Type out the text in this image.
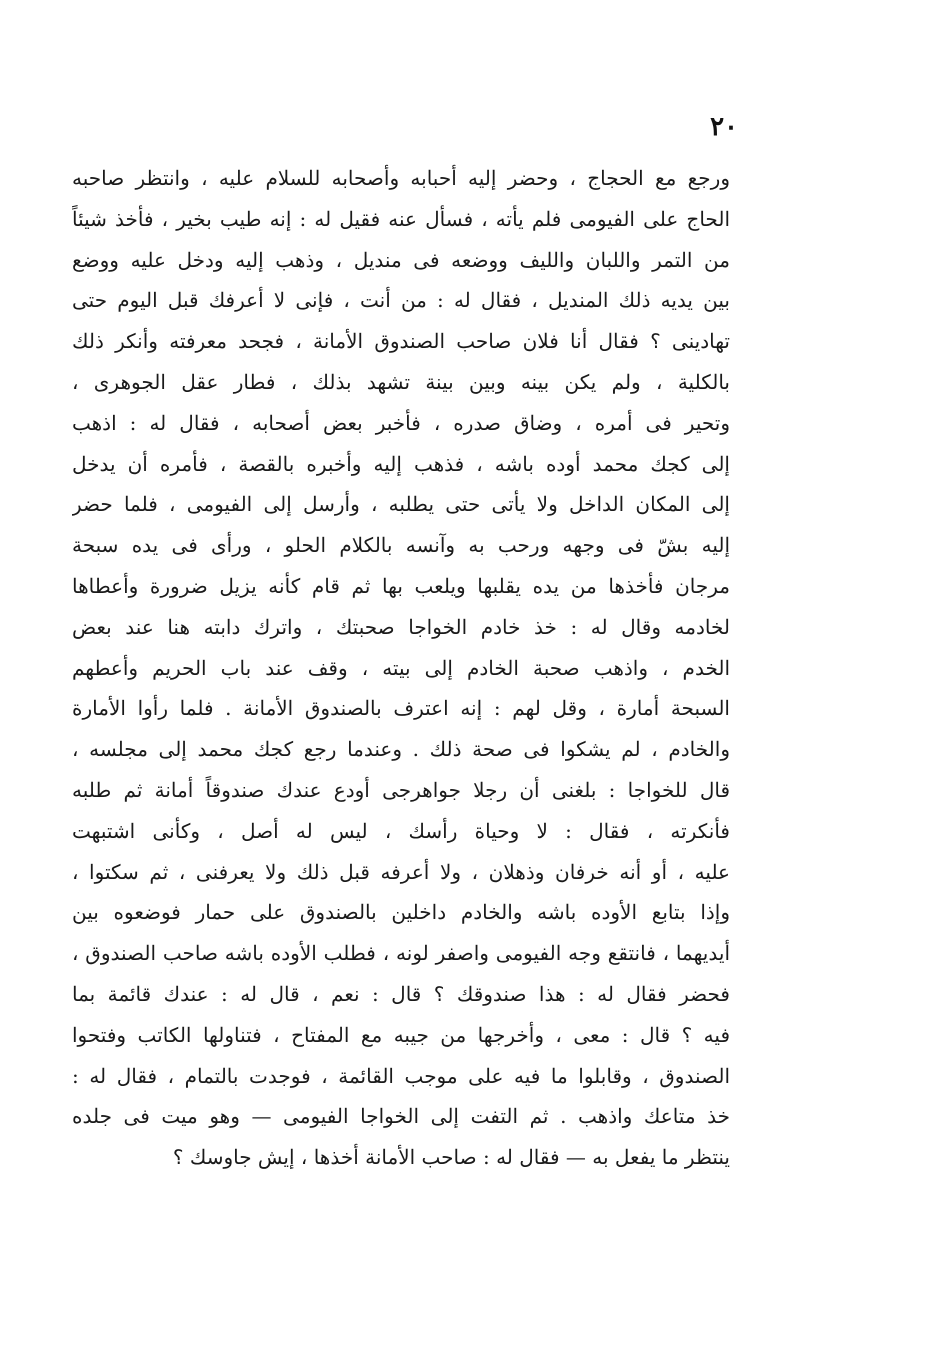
٢٠
ورجع مع الحجاج ، وحضر إليه أحبابه وأصحابه للسلام عليه ، وانتظر صاحبه
الحاج على الفيومى فلم يأته ، فسأل عنه فقيل له : إنه طيب بخير ، فأخذ شيئاً
من التمر واللبان والليف ووضعه فى منديل ، وذهب إليه ودخل عليه ووضع
بين يديه ذلك المنديل ، فقال له : من أنت ، فإنى لا أعرفك قبل اليوم حتى
تهادينى ؟ فقال أنا فلان صاحب الصندوق الأمانة ، فجحد معرفته وأنكر ذلك
بالكلية ، ولم يكن بينه وبين بينة تشهد بذلك ، فطار عقل الجوهرى ،
وتحير فى أمره ، وضاق صدره ، فأخبر بعض أصحابه ، فقال له : اذهب
إلى كجك محمد أوده باشه ، فذهب إليه وأخبره بالقصة ، فأمره أن يدخل
إلى المكان الداخل ولا يأتى حتى يطلبه ، وأرسل إلى الفيومى ، فلما حضر
إليه بشّ فى وجهه ورحب به وآنسه بالكلام الحلو ، ورأى فى يده سبحة
مرجان فأخذها من يده يقلبها ويلعب بها ثم قام كأنه يزيل ضرورة وأعطاها
لخادمه وقال له : خذ خادم الخواجا صحبتك ، واترك دابته هنا عند بعض
الخدم ، واذهب صحبة الخادم إلى بيته ، وقف عند باب الحريم وأعطهم
السبحة أمارة ، وقل لهم : إنه اعترف بالصندوق الأمانة . فلما رأوا الأمارة
والخادم ، لم يشكوا فى صحة ذلك . وعندما رجع كجك محمد إلى مجلسه ،
قال للخواجا : بلغنى أن رجلا جواهرجى أودع عندك صندوقاً أمانة ثم طلبه
فأنكرته ، فقال : لا وحياة رأسك ، ليس له أصل ، وكأنى اشتبهت
عليه ، أو أنه خرفان وذهلان ، ولا أعرفه قبل ذلك ولا يعرفنى ، ثم سكتوا ،
وإذا بتابع الأوده باشه والخادم داخلين بالصندوق على حمار فوضعوه بين
أيديهما ، فانتقع وجه الفيومى واصفر لونه ، فطلب الأوده باشه صاحب الصندوق ،
فحضر فقال له : هذا صندوقك ؟ قال : نعم ، قال له : عندك قائمة بما
فيه ؟ قال : معى ، وأخرجها من جيبه مع المفتاح ، فتناولها الكاتب وفتحوا
الصندوق ، وقابلوا ما فيه على موجب القائمة ، فوجدت بالتمام ، فقال له :
خذ متاعك واذهب . ثم التفت إلى الخواجا الفيومى — وهو ميت فى جلده
ينتظر ما يفعل به — فقال له : صاحب الأمانة أخذها ، إيش جاوسك ؟
